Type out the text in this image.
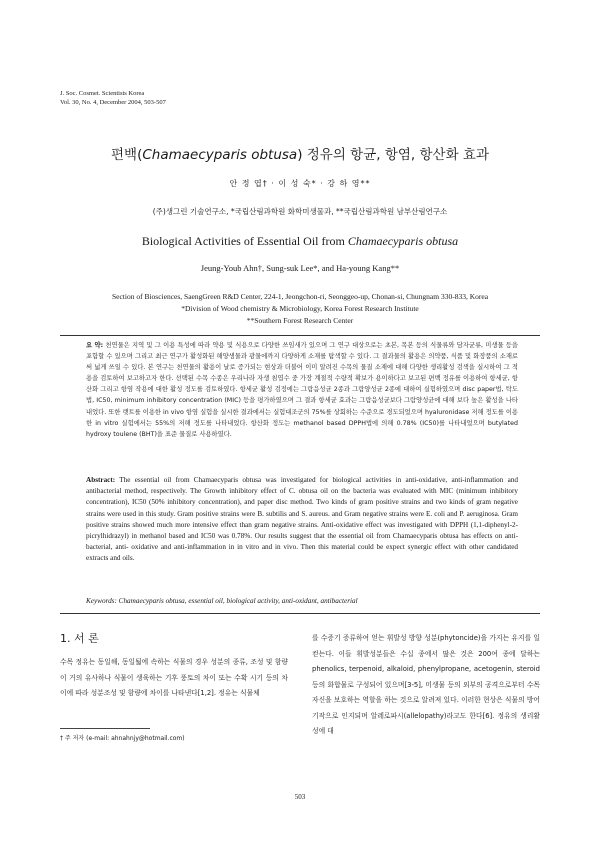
J. Soc. Cosmet. Scientists Korea
Vol. 30, No. 4, December 2004, 503-507
편백(Chamaecyparis obtusa) 정유의 항균, 항염, 항산화 효과
안 정 엽† · 이 성 숙* · 강 하 영**
(주)생그린 기술연구소, *국립산림과학원 화학미생물과, **국립산림과학원 남부산림연구소
Biological Activities of Essential Oil from Chamaecyparis obtusa
Jeung-Youb Ahn†, Sung-suk Lee*, and Ha-young Kang**
Section of Biosciences, SaengGreen R&D Center, 224-1, Jeongchon-ri, Seonggeo-up, Chonan-si, Chungnam 330-833, Korea
*Division of Wood chemistry & Microbiology, Korea Forest Research Institute
**Southern Forest Research Center
요 약: 천연물은 지역 및 그 이용 특성에 따라 약용 및 식용으로 다양한 쓰임새가 있으며 그 연구 대상으로는 초본, 목본 등의 식물류와 담자균류, 미생물 등을 포함할 수 있으며 그리고 최근 연구가 활성화된 해양생물과 광물에까지 다양하게 소재를 탐색할 수 있다. 그 결과물의 활용은 의약품, 식품 및 화장품의 소재로써 넓게 쓰일 수 있다. 본 연구는 천연물의 활용이 날로 증가되는 현상과 더불어 이미 알려진 수목의 물질 소재에 대해 다양한 생리활성 검색을 실시하여 그 적용을 검토하여 보고하고자 한다. 선택된 수목 수종은 우리나라 자생 침엽수 중 가장 계절적 수량적 확보가 용이하다고 보고된 편백 정유를 이용하여 항세균, 항산화 그리고 항염 작용에 대한 활성 정도를 검토하였다. 항세균 활성 검정에는 그람음성균 2종과 그람양성균 2종에 대하여 실험하였으며 disc paper법, 탁도법, IC50, minimum inhibitory concentration (MIC) 등을 평가하였으며 그 결과 항세균 효과는 그람음성균보다 그람양성균에 대해 보다 높은 활성을 나타내었다. 또한 랫트를 이용한 in vivo 항염 실험을 실시한 결과에서는 실험대조군의 75%를 상회하는 수준으로 경도되었으며 hyaluronidase 저해 정도를 이용한 in vitro 실험에서는 55%의 저해 정도를 나타내었다. 항산화 정도는 methanol based DPPH법에 의해 0.78% (IC50)를 나타내었으며 butylated hydroxy toulene (BHT)을 표준 물질로 사용하였다.
Abstract: The essential oil from Chamaecyparis obtusa was investigated for biological activities in anti-oxidative, anti-inflammation and antibacterial method, respectively. The Growth inhibitory effect of C. obtusa oil on the bacteria was evaluated with MIC (minimum inhibitory concentration), IC50 (50% inhibitory concentration), and paper disc method. Two kinds of gram positive strains and two kinds of gram negative strains were used in this study. Gram positive strains were B. subtilis and S. aureus. and Gram negative strains were E. coli and P. aeruginosa. Gram positive strains showed much more intensive effect than gram negative strains. Anti-oxidative effect was investigated with DPPH (1,1-diphenyl-2-picrylhidrazyl) in methanol based and IC50 was 0.78%. Our results suggest that the essential oil from Chamaecyparis obtusa has effects on anti-bacterial, anti- oxidative and anti-inflammation in in vitro and in vivo. Then this material could be expect synergic effect with other candidated extracts and oils.
Keywords: Chamaecyparis obtusa, essential oil, biological activity, anti-oxidant, antibacterial
1. 서 론
수목 정유는 동일해, 동일됣에 속하는 식물의 경우 성분의 종류, 조성 및 함량이 거의 유사하나 식물이 생육하는 기후 풍토의 차이 또는 수확 시기 등의 차이에 따라 성분조성 및 함량에 차이를 나타낸다[1,2]. 정유는 식물체
를 수증기 증류하여 얻는 휘발성 방향 성분(phytoncide)을 가지는 유지를 일컫는다. 이들 휘발성분들은 수십 종에서 많은 것은 200여 종에 달하는 phenolics, terpenoid, alkaloid, phenylpropane, acetogenin, steroid 등의 화합물로 구성되어 있으며[3-5], 미생물 등의 외부의 공격으로부터 수목 자신을 보호하는 역할을 하는 것으로 알려져 있다. 이러한 현상은 식물의 방어기작으로 인지되며 알레로파시(allelopathy)라고도 한다[6]. 정유의 생리활성에 대
† 주 저자 (e-mail: ahnahnjy@hotmail.com)
503
